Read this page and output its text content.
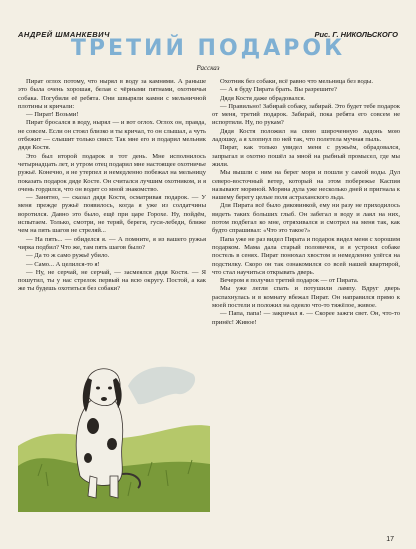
АНДРЕЙ ШМАНКЕВИЧ	Рис. Г. НИКОЛЬСКОГО
ТРЕТИЙ ПОДАРОК
Рассказ

Пират оглох потому, что нырял в воду за камнями. А раньше это была очень хорошая, белая с чёрными пятнами, охотничья собака. Погубили её ребята. Они швыряли камни с мельничной плотины и кричали:

— Пират! Возьми!

Пират бросался в воду, нырял — и вот оглох. Оглох он, правда, не совсем. Если он стоял близко и ты кричал, то он слышал, а чуть отбежит — слышит только свист. Так мне его и подарил мельник дядя Костя.

Это был второй подарок в тот день. Мне исполнилось четырнадцать лет, и утром отец подарил мне настоящее охотничье ружьё. Конечно, я не утерпел и немедленно побежал на мельницу показать подарок дяде Косте. Он считался лучшим охотником, и я очень гордился, что он водит со мной знакомство.

— Занятно, — сказал дядя Костя, осматривая подарок. — У меня прежде ружьё появилось, когда я уже из солдатчины воротился. Давно это было, ещё при царе Горохе. Ну, пойдём, испытаем. Только, смотри, не теряй, береги, гуси-лебеди, ближе чем на пять шагов не стреляй...

— На пять... — обиделся я. — А помните, я из вашего ружья чирка подбил? Что же, там пять шагов было?

— Да то ж само ружьё убило.

— Само... А целился-то я!

— Ну, не серчай, не серчай, — засмеялся дядя Костя. — Я пошутил, ты у нас стрелок первый на всю округу. Постой, а как же ты будешь охотиться без собаки?

Охотник без собаки, всё равно что мельница без воды.

— А я буду Пирата брать. Вы разрешите?

Дядя Костя даже обрадовался.

— Правильно! Забирай собаку, забирай. Это будет тебе подарок от меня, третий подарок. Забирай, пока ребята его совсем не испортили. Ну, по рукам?

Дядя Костя положил на свою широченную ладонь мою ладошку, а я хлопнул по ней так, что полетела мучная пыль.

Пират, как только увидел меня с ружьём, обрадовался, запрыгал и охотно пошёл за мной на рыбный промысел, где мы жили.

Мы вышли с ним на берег моря и пошли у самой воды. Дул северо-восточный ветер, который на этом побережье Каспия называют моряной. Моряна дула уже несколько дней и пригнала к нашему берегу целые поля астраханского льда.

Для Пирата всё было диковинкой, ему ни разу не приходилось видеть таких больших глыб. Он забегал в воду и лаял на них, потом подбегал ко мне, отряхивался и смотрел на меня так, как будто спрашивал: «Что это такое?»

Папа уже не раз видел Пирата и подарок видел меня с хорошим подарком. Мама дала старый половичок, и я устроил собаке постель в сенях. Пират понюхал хвостом и немедленно улёгся на подстилку. Скоро он так ознакомился со всей нашей квартирой, что стал научиться открывать дверь.

Вечером я получил третий подарок — от Пирата.

Мы уже легли спать и потушили лампу. Вдруг дверь распахнулась и в комнату вбежал Пират. Он направился прямо к моей постели и положил на одеяло что-то тяжёлое, живое.

— Папа, папа! — закричал я. — Скорее зажги свет. Он, что-то принёс! Живое!

17
